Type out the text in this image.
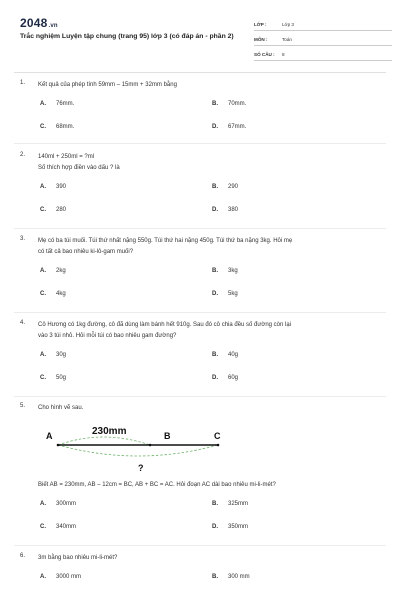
2048.vn
Trắc nghiệm Luyện tập chung (trang 95) lớp 3 (có đáp án - phần 2)
LỚP :	Lớp 3
MÔN :	Toán
SỐ CÂU :	8
1. Kết quả của phép tính 59mm – 15mm + 32mm bằng
A. 76mm.	B. 70mm.
C. 68mm.	D. 67mm.
2. 140ml + 250ml = ?ml
Số thích hợp điền vào dấu ? là
A. 390	B. 290
C. 280	D. 380
3. Mẹ có ba túi muối. Túi thứ nhất nặng 550g. Túi thứ hai nặng 450g. Túi thứ ba nặng 3kg. Hỏi mẹ
có tất cả bao nhiêu ki-lô-gam muối?
A. 2kg	B. 3kg
C. 4kg	D. 5kg
4. Cô Hương có 1kg đường, cô đã dùng làm bánh hết 910g. Sau đó cô chia đều số đường còn lại
vào 3 túi nhỏ. Hỏi mỗi túi có bao nhiêu gam đường?
A. 30g	B. 40g
C. 50g	D. 60g
5. Cho hình vẽ sau.
A	B	C
230mm
?
Biết AB = 230mm, AB – 12cm = BC, AB + BC = AC. Hỏi đoạn AC dài bao nhiêu mi-li-mét?
A. 300mm	B. 325mm
C. 340mm	D. 350mm
6. 3m bằng bao nhiêu mi-li-mét?
A. 3000 mm	B. 300 mm
